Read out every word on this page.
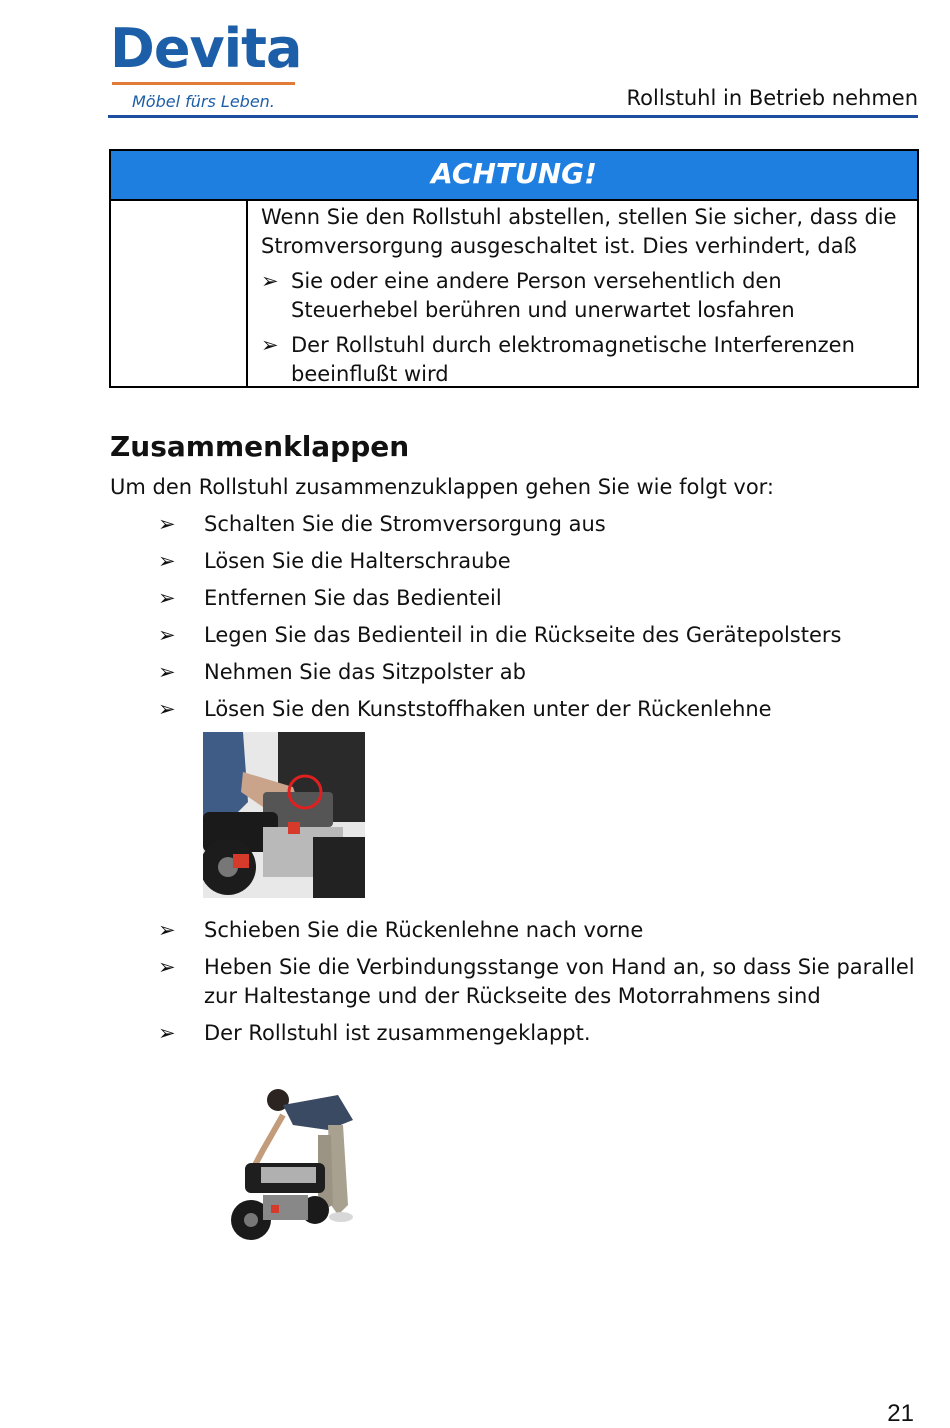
Devita
Möbel fürs Leben.	Rollstuhl in Betrieb nehmen
ACHTUNG!

Wenn Sie den Rollstuhl abstellen, stellen Sie sicher, dass die Stromversorgung ausgeschaltet ist. Dies verhindert, daß

➢ Sie oder eine andere Person versehentlich den Steuerhebel berühren und unerwartet losfahren
➢ Der Rollstuhl durch elektromagnetische Interferenzen beeinflußt wird
Zusammenklappen
Um den Rollstuhl zusammenzuklappen gehen Sie wie folgt vor:
➢ Schalten Sie die Stromversorgung aus
➢ Lösen Sie die Halterschraube
➢ Entfernen Sie das Bedienteil
➢ Legen Sie das Bedienteil in die Rückseite des Gerätepolsters
➢ Nehmen Sie das Sitzpolster ab
➢ Lösen Sie den Kunststoffhaken unter der Rückenlehne
➢ Schieben Sie die Rückenlehne nach vorne
➢ Heben Sie die Verbindungsstange von Hand an, so dass Sie parallel zur Haltestange und der Rückseite des Motorrahmens sind
➢ Der Rollstuhl ist zusammengeklappt.
21
